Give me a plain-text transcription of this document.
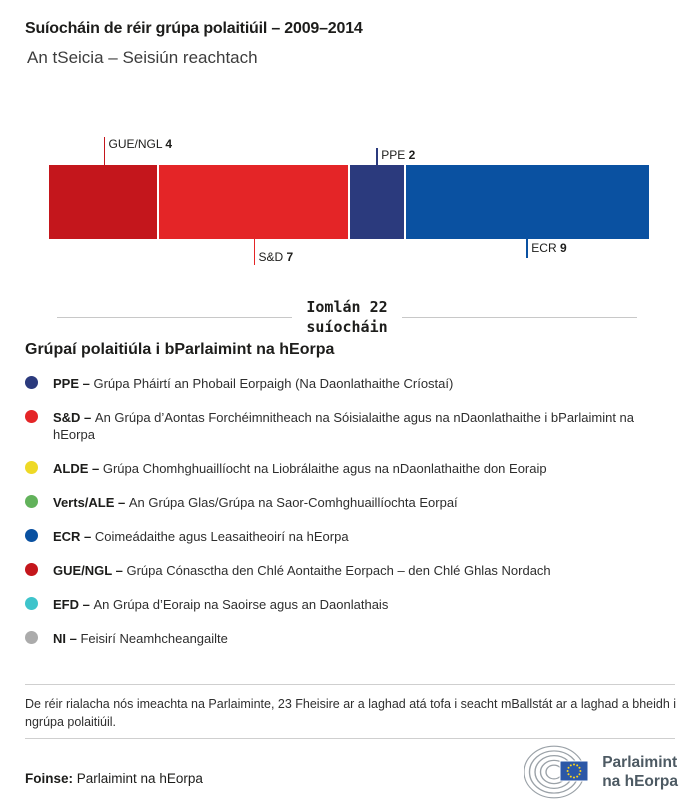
Suíocháin de réir grúpa polaitiúil – 2009–2014
An tSeicia – Seisiún reachtach
GUE/NGL 4
S&D 7
PPE 2
ECR 9
Iomlán 22
suíocháin
Grúpaí polaitiúla i bParlaimint na hEorpa
PPE – Grúpa Pháirtí an Phobail Eorpaigh (Na Daonlathaithe Críostaí)
S&D – An Grúpa d’Aontas Forchéimnitheach na Sóisialaithe agus na nDaonlathaithe i bParlaimint na hEorpa
ALDE – Grúpa Chomhghuaillíocht na Liobrálaithe agus na nDaonlathaithe don Eoraip
Verts/ALE – An Grúpa Glas/Grúpa na Saor-Comhghuaillíochta Eorpaí
ECR – Coimeádaithe agus Leasaitheoirí na hEorpa
GUE/NGL – Grúpa Cónasctha den Chlé Aontaithe Eorpach – den Chlé Ghlas Nordach
EFD – An Grúpa d’Eoraip na Saoirse agus an Daonlathais
NI – Feisirí Neamhcheangailte
De réir rialacha nós imeachta na Parlaiminte, 23 Fheisire ar a laghad atá tofa i seacht mBallstát ar a laghad a bheidh i ngrúpa polaitiúil.
Foinse: Parlaimint na hEorpa
Parlaimint
na hEorpa
